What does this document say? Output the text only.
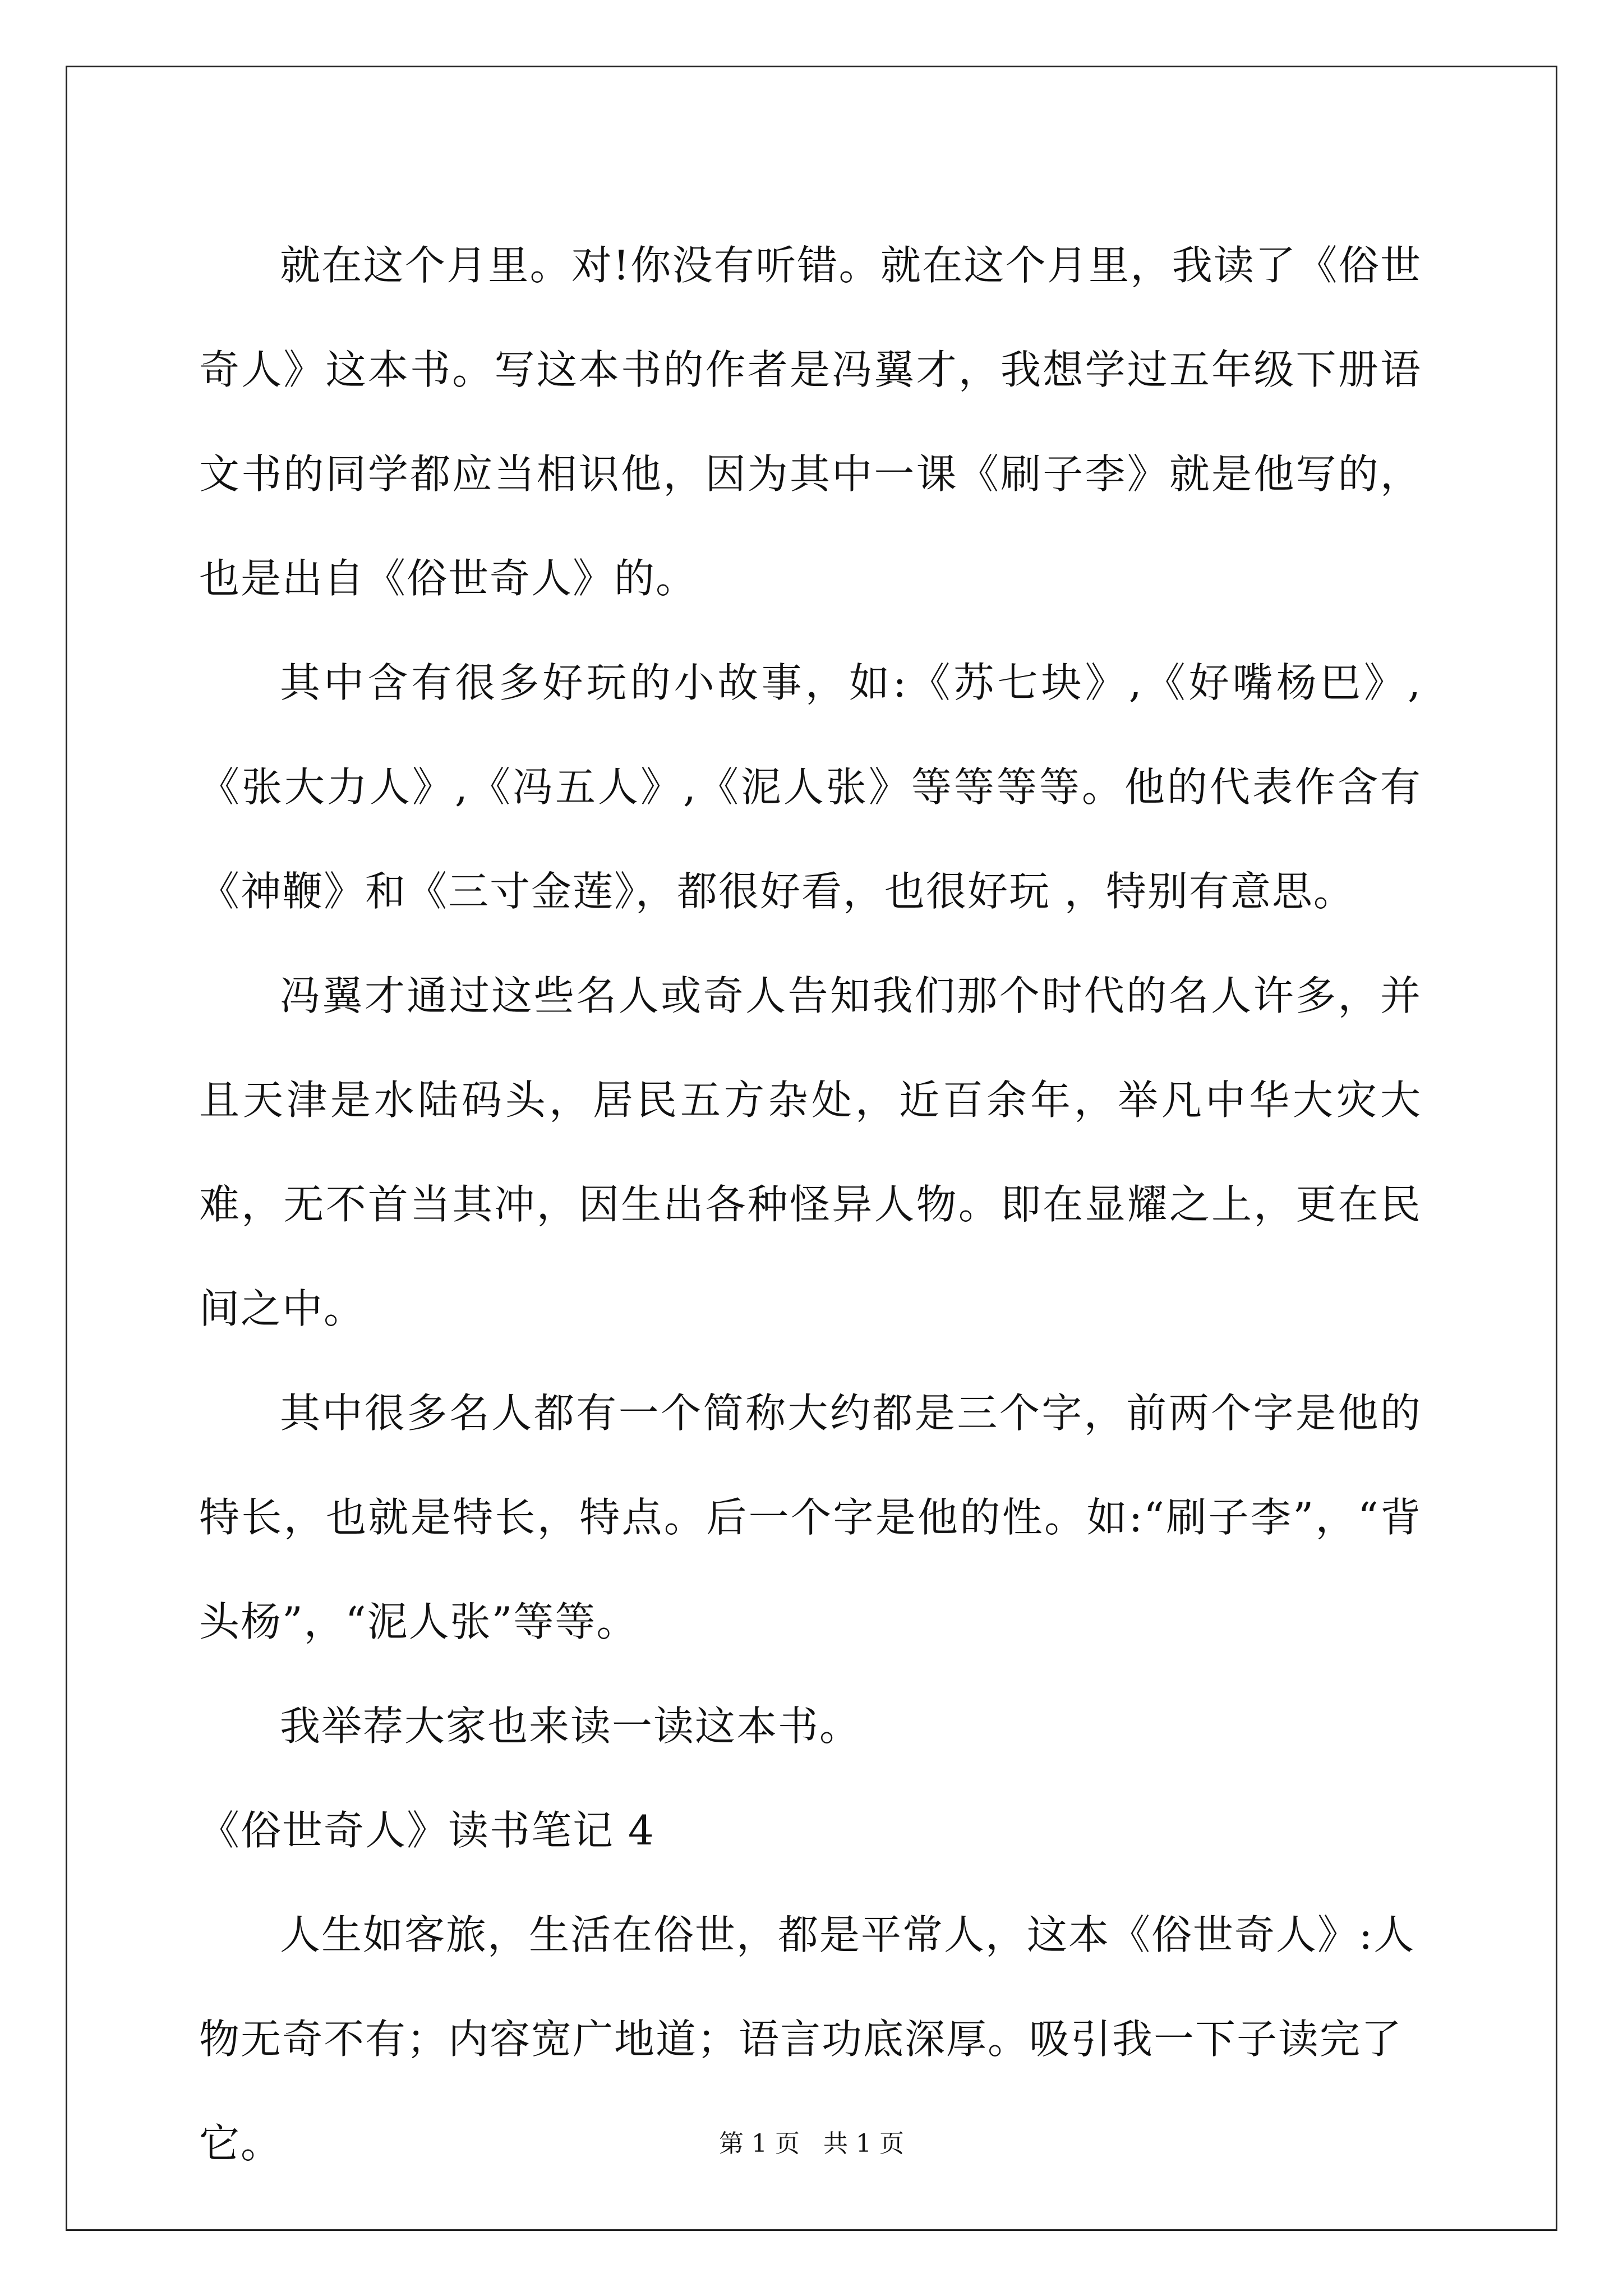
就在这个月里。对!你没有听错。就在这个月里，我读了《俗世奇人》这本书。写这本书的作者是冯翼才，我想学过五年级下册语文书的同学都应当相识他，因为其中一课《刷子李》就是他写的，也是出自《俗世奇人》的。

其中含有很多好玩的小故事，如:《苏七块》,《好嘴杨巴》,《张大力人》,《冯五人》,《泥人张》等等等等。他的代表作含有《神鞭》和《三寸金莲》，都很好看，也很好玩 ，特别有意思。

冯翼才通过这些名人或奇人告知我们那个时代的名人许多，并且天津是水陆码头，居民五方杂处，近百余年，举凡中华大灾大难，无不首当其冲，因生出各种怪异人物。即在显耀之上，更在民间之中。

其中很多名人都有一个简称大约都是三个字，前两个字是他的特长，也就是特长，特点。后一个字是他的性。如:“刷子李”，“背头杨”，“泥人张”等等。

我举荐大家也来读一读这本书。

《俗世奇人》读书笔记 4

人生如客旅，生活在俗世，都是平常人，这本《俗世奇人》:人物无奇不有；内容宽广地道；语言功底深厚。吸引我一下子读完了它。	第 1 页   共 1 页
